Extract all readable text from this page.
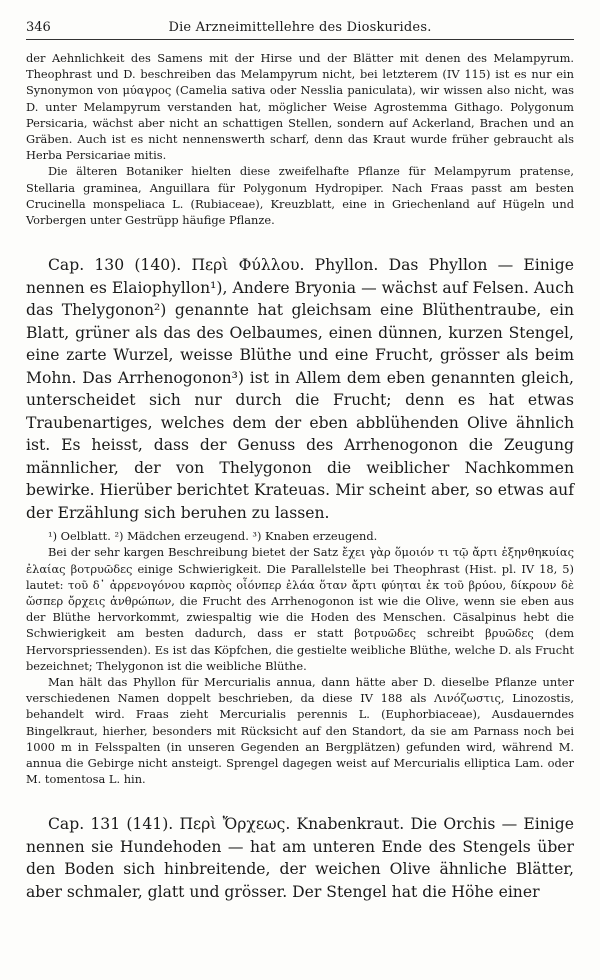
346	Die Arzneimittellehre des Dioskurides.

der Aehnlichkeit des Samens mit der Hirse und der Blätter mit denen des Melampyrum. Theophrast und D. beschreiben das Melampyrum nicht, bei letzterem (IV 115) ist es nur ein Synonymon von μύαγρος (Camelia sativa oder Nesslia paniculata), wir wissen also nicht, was D. unter Melampyrum verstanden hat, möglicher Weise Agrostemma Githago. Polygonum Persicaria, wächst aber nicht an schattigen Stellen, sondern auf Ackerland, Brachen und an Gräben. Auch ist es nicht nennenswerth scharf, denn das Kraut wurde früher gebraucht als Herba Persicariae mitis.

Die älteren Botaniker hielten diese zweifelhafte Pflanze für Melampyrum pratense, Stellaria graminea, Anguillara für Polygonum Hydropiper. Nach Fraas passt am besten Crucinella monspeliaca L. (Rubiaceae), Kreuzblatt, eine in Griechenland auf Hügeln und Vorbergen unter Gestrüpp häufige Pflanze.

Cap. 130 (140). Περὶ Φύλλου. Phyllon. Das Phyllon — Einige nennen es Elaiophyllon¹), Andere Bryonia — wächst auf Felsen. Auch das Thelygonon²) genannte hat gleichsam eine Blüthentraube, ein Blatt, grüner als das des Oelbaumes, einen dünnen, kurzen Stengel, eine zarte Wurzel, weisse Blüthe und eine Frucht, grösser als beim Mohn. Das Arrhenogonon³) ist in Allem dem eben genannten gleich, unterscheidet sich nur durch die Frucht; denn es hat etwas Traubenartiges, welches dem der eben abblühenden Olive ähnlich ist. Es heisst, dass der Genuss des Arrhenogonon die Zeugung männlicher, der von Thelygonon die weiblicher Nachkommen bewirke. Hierüber berichtet Krateuas. Mir scheint aber, so etwas auf der Erzählung sich beruhen zu lassen.

¹) Oelblatt. ²) Mädchen erzeugend. ³) Knaben erzeugend.

Bei der sehr kargen Beschreibung bietet der Satz ἔχει γὰρ ὅμοιόν τι τῷ ἄρτι ἐξηνθηκυίας ἐλαίας βοτρυῶδες einige Schwierigkeit. Die Parallelstelle bei Theophrast (Hist. pl. IV 18, 5) lautet: τοῦ δ᾽ ἀρρενογόνου καρπὸς οἷόνπερ ἐλάα ὅταν ἄρτι φύηται ἐκ τοῦ βρύου, δίκρουν δὲ ὥσπερ ὄρχεις ἀνθρώπων, die Frucht des Arrhenogonon ist wie die Olive, wenn sie eben aus der Blüthe hervorkommt, zwiespaltig wie die Hoden des Menschen. Cäsalpinus hebt die Schwierigkeit am besten dadurch, dass er statt βοτρυῶδες schreibt βρυῶδες (dem Hervorspriessenden). Es ist das Köpfchen, die gestielte weibliche Blüthe, welche D. als Frucht bezeichnet; Thelygonon ist die weibliche Blüthe.

Man hält das Phyllon für Mercurialis annua, dann hätte aber D. dieselbe Pflanze unter verschiedenen Namen doppelt beschrieben, da diese IV 188 als Λινόζωστις, Linozostis, behandelt wird. Fraas zieht Mercurialis perennis L. (Euphorbiaceae), Ausdauerndes Bingelkraut, hierher, besonders mit Rücksicht auf den Standort, da sie am Parnass noch bei 1000 m in Felsspalten (in unseren Gegenden an Bergplätzen) gefunden wird, während M. annua die Gebirge nicht ansteigt. Sprengel dagegen weist auf Mercurialis elliptica Lam. oder M. tomentosa L. hin.

Cap. 131 (141). Περὶ Ὄρχεως. Knabenkraut. Die Orchis — Einige nennen sie Hundehoden — hat am unteren Ende des Stengels über den Boden sich hinbreitende, der weichen Olive ähnliche Blätter, aber schmaler, glatt und grösser. Der Stengel hat die Höhe einer
